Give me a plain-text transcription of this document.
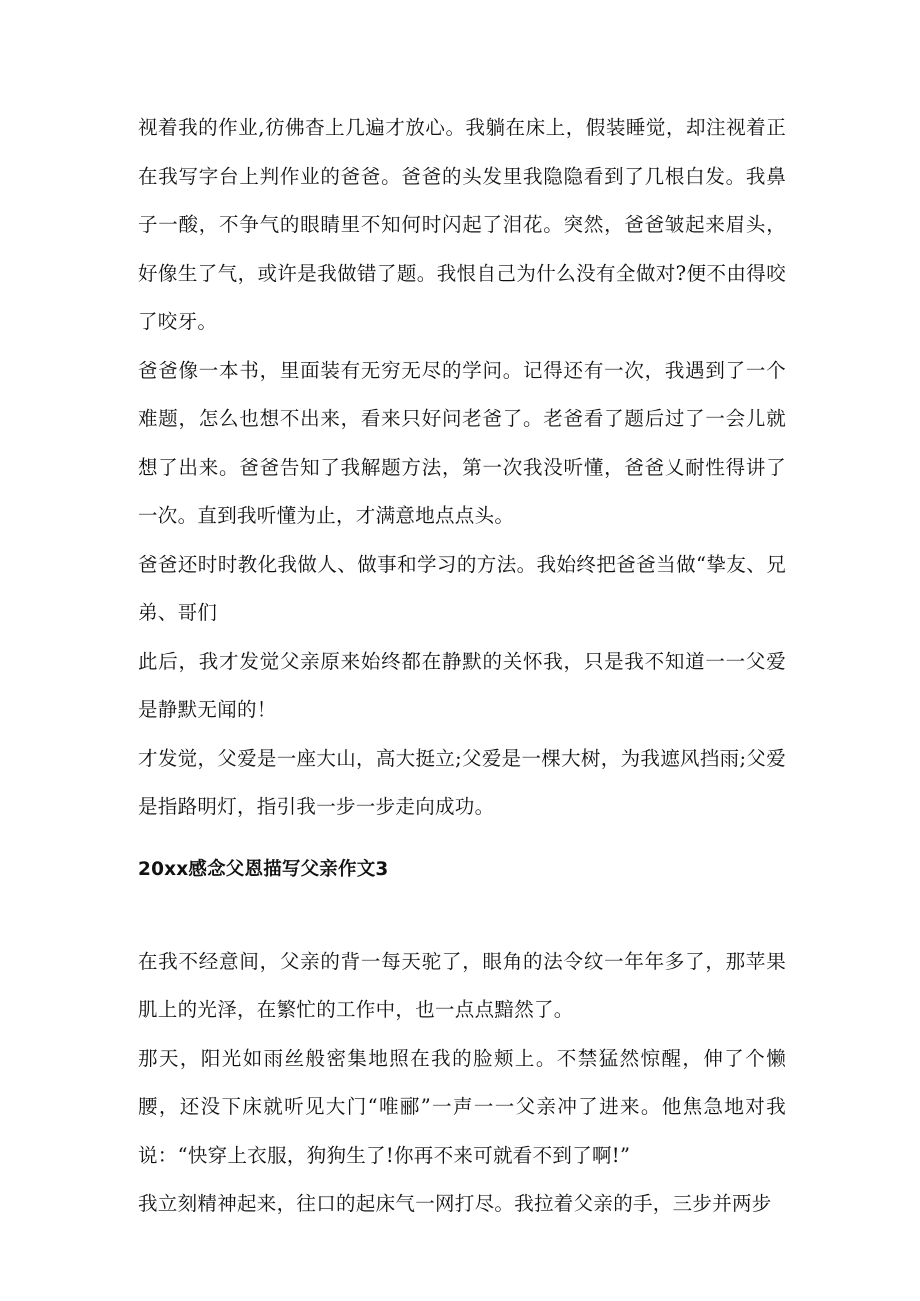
视着我的作业,彷佛杳上几遍才放心。我躺在床上，假装睡觉，却注视着正在我写字台上判作业的爸爸。爸爸的头发里我隐隐看到了几根白发。我鼻子一酸，不争气的眼睛里不知何时闪起了泪花。突然，爸爸皱起来眉头，好像生了气，或许是我做错了题。我恨自己为什么没有全做对?便不由得咬了咬牙。

爸爸像一本书，里面装有无穷无尽的学问。记得还有一次，我遇到了一个难题，怎么也想不出来，看来只好问老爸了。老爸看了题后过了一会儿就想了出来。爸爸告知了我解题方法，第一次我没听懂，爸爸乂耐性得讲了一次。直到我听懂为止，才满意地点点头。

爸爸还时时教化我做人、做事和学习的方法。我始终把爸爸当做“挚友、兄弟、哥们

此后，我才发觉父亲原来始终都在静默的关怀我，只是我不知道一一父爱是静默无闻的！

才发觉，父爱是一座大山，高大挺立;父爱是一棵大树，为我遮风挡雨;父爱是指路明灯，指引我一步一步走向成功。

20xx感念父恩描写父亲作文3

在我不经意间，父亲的背一每天驼了，眼角的法令纹一年年多了，那苹果肌上的光泽，在繁忙的工作中，也一点点黯然了。

那天，阳光如雨丝般密集地照在我的脸颊上。不禁猛然惊醒，伸了个懒腰，还没下床就听见大门“唯郦”一声一一父亲冲了进来。他焦急地对我说：“快穿上衣服，狗狗生了!你再不来可就看不到了啊!”

我立刻精神起来，往口的起床气一网打尽。我拉着父亲的手，三步并两步
